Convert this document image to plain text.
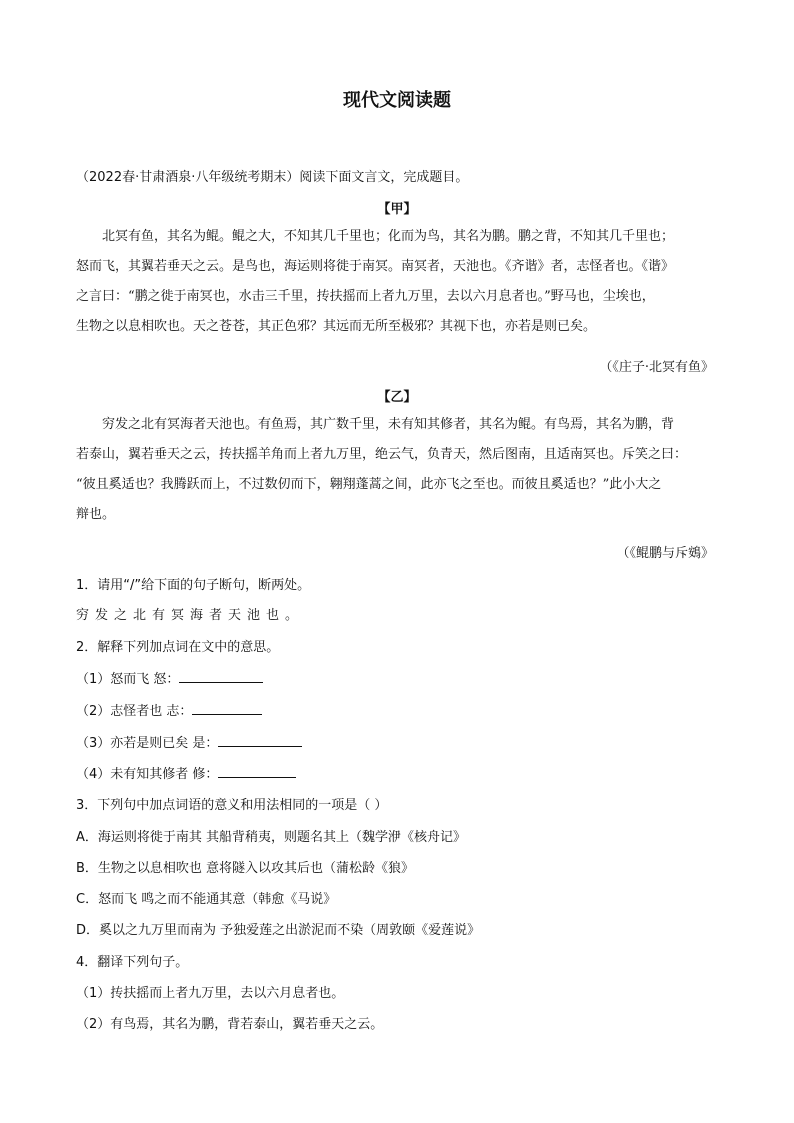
现代文阅读题
（2022春·甘肃酒泉·八年级统考期末）阅读下面文言文，完成题目。
【甲】
北冥有鱼，其名为鲲。鲲之大，不知其几千里也；化而为鸟，其名为鹏。鹏之背，不知其几千里也；
怒而飞，其翼若垂天之云。是鸟也，海运则将徙于南冥。南冥者，天池也。《齐谐》者，志怪者也。《谐》
之言曰：“鹏之徙于南冥也，水击三千里，抟扶摇而上者九万里，去以六月息者也。”野马也，尘埃也，
生物之以息相吹也。天之苍苍，其正色邪？其远而无所至极邪？其视下也，亦若是则已矣。
（《庄子·北冥有鱼》
【乙】
穷发之北有冥海者天池也。有鱼焉，其广数千里，未有知其修者，其名为鲲。有鸟焉，其名为鹏，背
若泰山，翼若垂天之云，抟扶摇羊角而上者九万里，绝云气，负青天，然后图南，且适南冥也。斥笑之曰：
“彼且奚适也？我腾跃而上，不过数仞而下，翱翔蓬蒿之间，此亦飞之至也。而彼且奚适也？”此小大之
辩也。
（《鲲鹏与斥鴳》
1．请用“/”给下面的句子断句，断两处。
穷发之北有冥海者天池也。
2．解释下列加点词在文中的意思。
（1）怒而飞 怒：
（2）志怪者也 志：
（3）亦若是则已矣 是：
（4）未有知其修者 修：
3．下列句中加点词语的意义和用法相同的一项是（ ）
A．海运则将徙于南其 其船背稍夷，则题名其上（魏学洢《核舟记》
B．生物之以息相吹也 意将隧入以攻其后也（蒲松龄《狼》
C．怒而飞 鸣之而不能通其意（韩愈《马说》
D．奚以之九万里而南为 予独爱莲之出淤泥而不染（周敦颐《爱莲说》
4．翻译下列句子。
（1）抟扶摇而上者九万里，去以六月息者也。
（2）有鸟焉，其名为鹏，背若泰山，翼若垂天之云。
